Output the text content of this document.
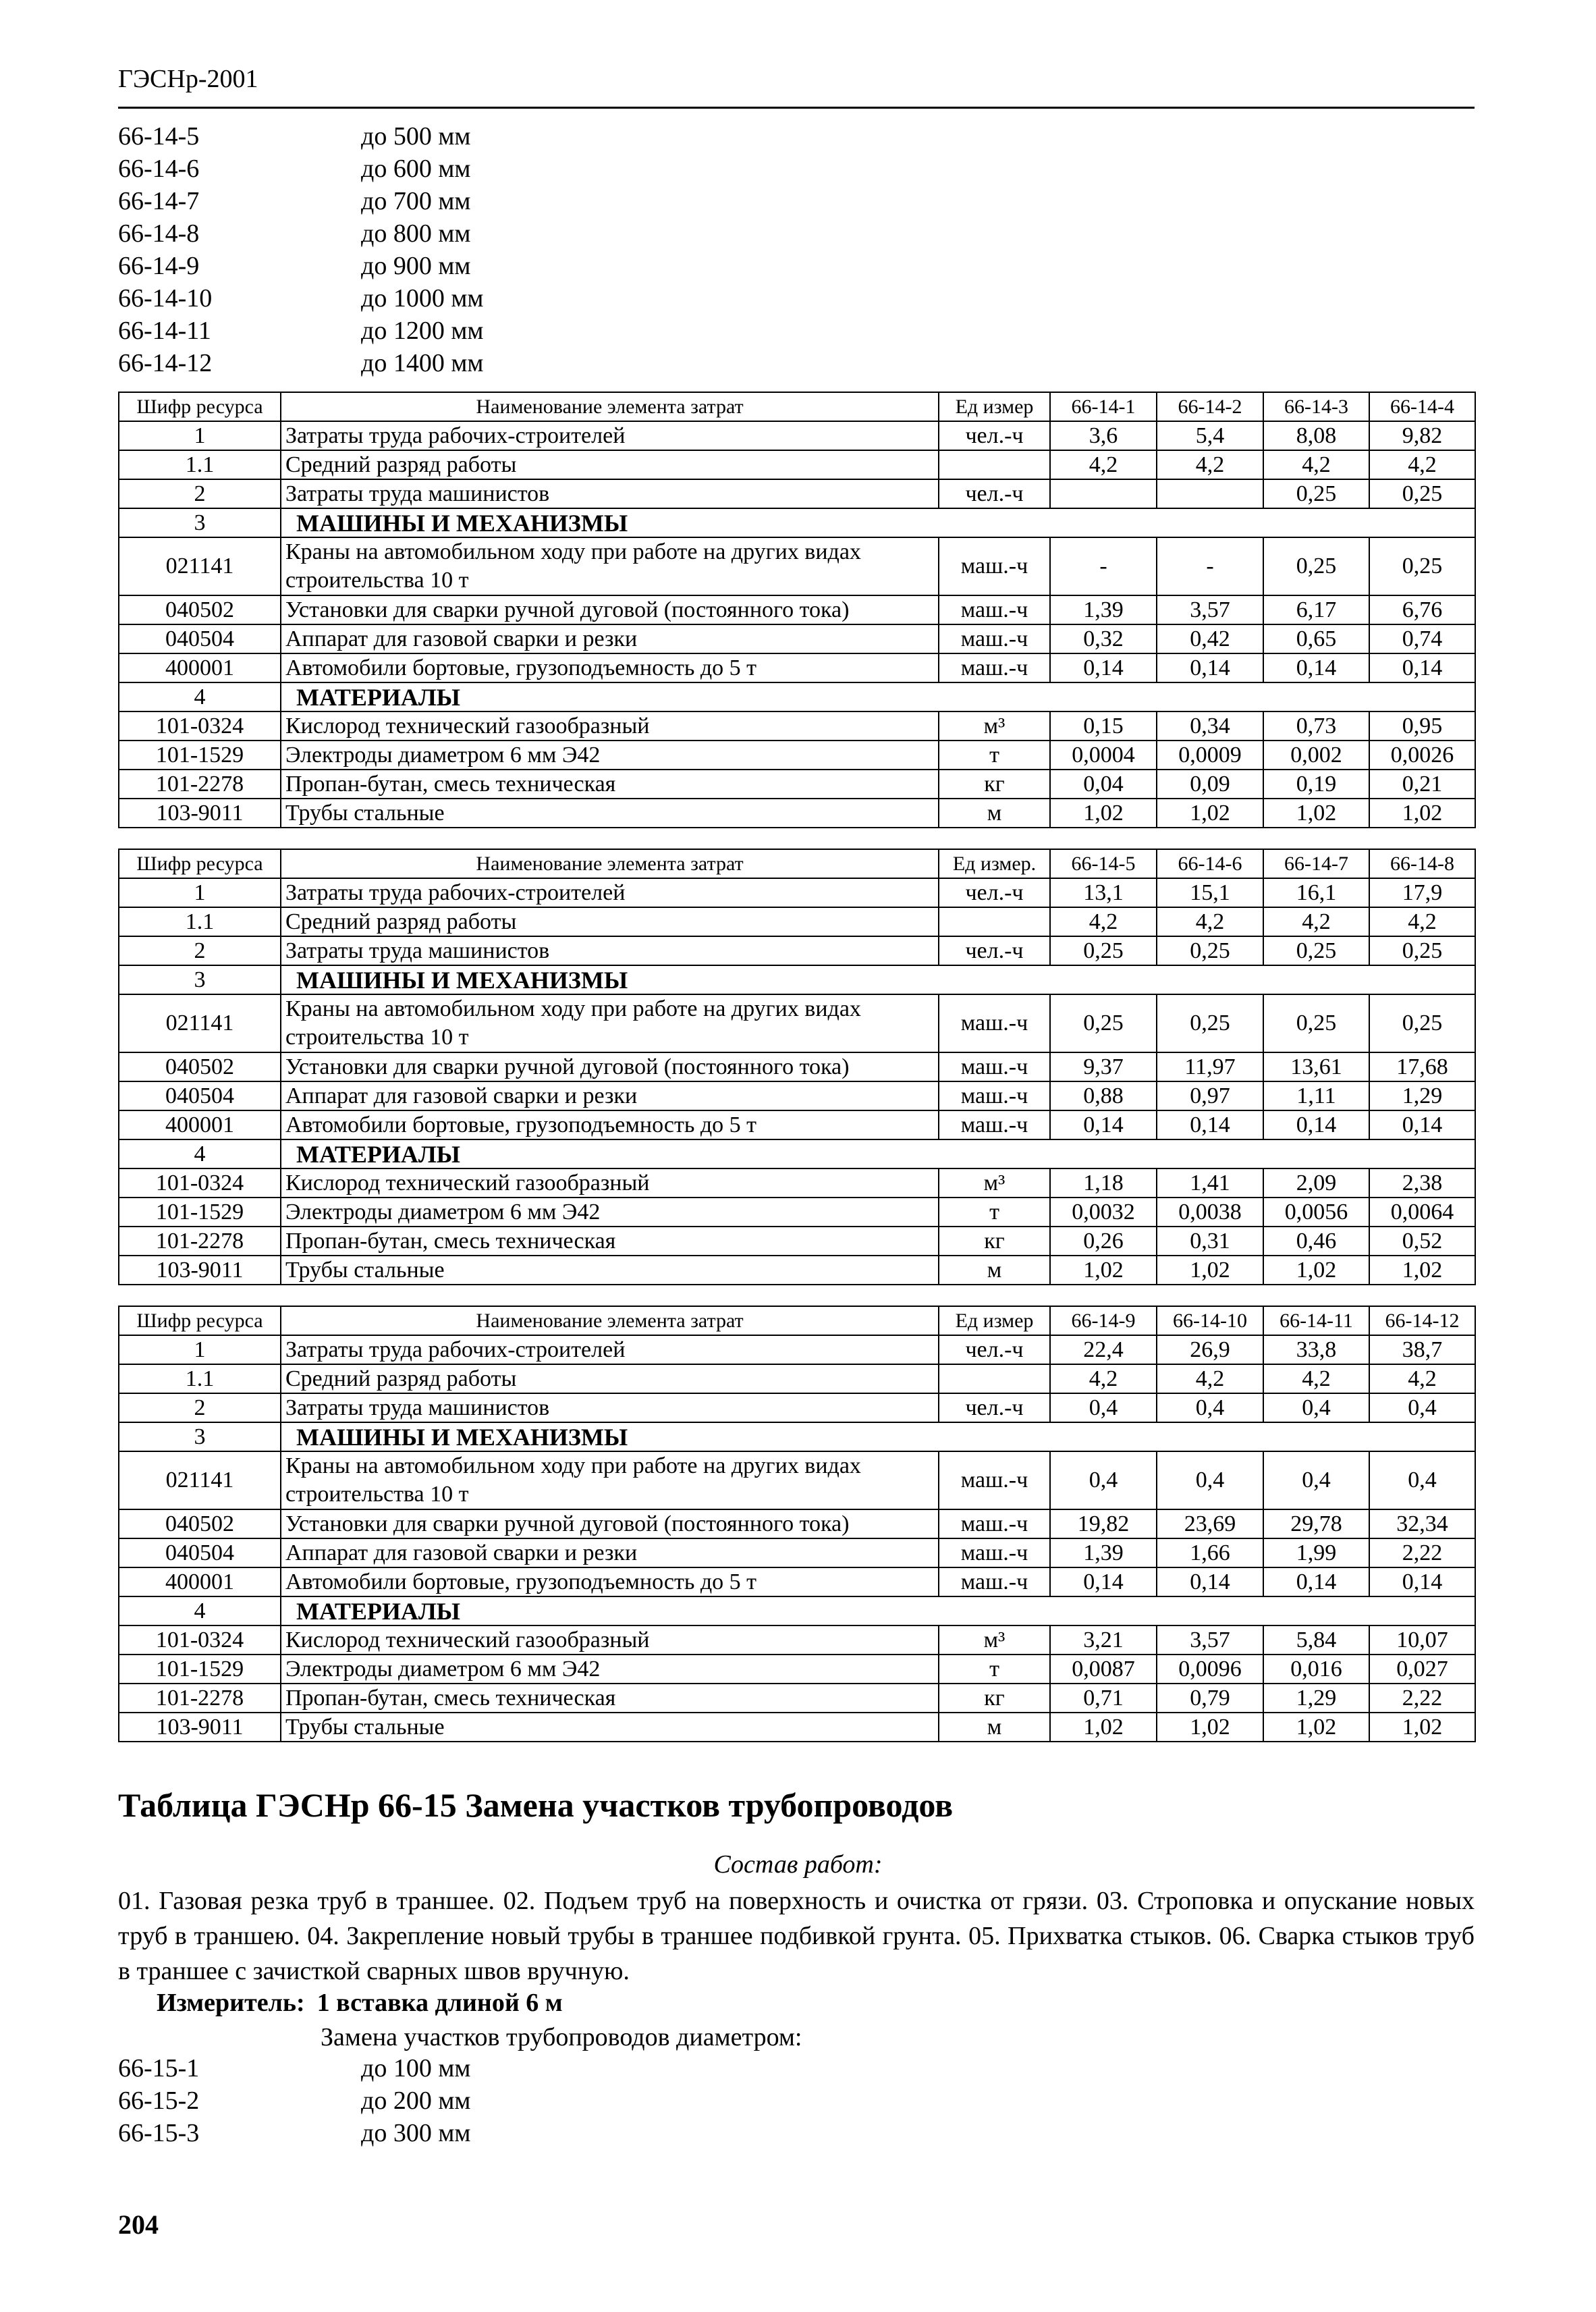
ГЭСНр-2001
66-14-5	до 500 мм
66-14-6	до 600 мм
66-14-7	до 700 мм
66-14-8	до 800 мм
66-14-9	до 900 мм
66-14-10	до 1000 мм
66-14-11	до 1200 мм
66-14-12	до 1400 мм
Шифр ресурса	Наименование элемента затрат	Ед измер	66-14-1	66-14-2	66-14-3	66-14-4
1	Затраты труда рабочих-строителей	чел.-ч	3,6	5,4	8,08	9,82
1.1	Средний разряд работы		4,2	4,2	4,2	4,2
2	Затраты труда машинистов	чел.-ч			0,25	0,25
3	МАШИНЫ И МЕХАНИЗМЫ					
021141	Краны на автомобильном ходу при работе на других видах строительства 10 т	маш.-ч	-	-	0,25	0,25
040502	Установки для сварки ручной дуговой (постоянного тока)	маш.-ч	1,39	3,57	6,17	6,76
040504	Аппарат для газовой сварки и резки	маш.-ч	0,32	0,42	0,65	0,74
400001	Автомобили бортовые, грузоподъемность до 5 т	маш.-ч	0,14	0,14	0,14	0,14
4	МАТЕРИАЛЫ					
101-0324	Кислород технический газообразный	м³	0,15	0,34	0,73	0,95
101-1529	Электроды диаметром 6 мм Э42	т	0,0004	0,0009	0,002	0,0026
101-2278	Пропан-бутан, смесь техническая	кг	0,04	0,09	0,19	0,21
103-9011	Трубы стальные	м	1,02	1,02	1,02	1,02
Шифр ресурса	Наименование элемента затрат	Ед измер.	66-14-5	66-14-6	66-14-7	66-14-8
1	Затраты труда рабочих-строителей	чел.-ч	13,1	15,1	16,1	17,9
1.1	Средний разряд работы		4,2	4,2	4,2	4,2
2	Затраты труда машинистов	чел.-ч	0,25	0,25	0,25	0,25
3	МАШИНЫ И МЕХАНИЗМЫ					
021141	Краны на автомобильном ходу при работе на других видах строительства 10 т	маш.-ч	0,25	0,25	0,25	0,25
040502	Установки для сварки ручной дуговой (постоянного тока)	маш.-ч	9,37	11,97	13,61	17,68
040504	Аппарат для газовой сварки и резки	маш.-ч	0,88	0,97	1,11	1,29
400001	Автомобили бортовые, грузоподъемность до 5 т	маш.-ч	0,14	0,14	0,14	0,14
4	МАТЕРИАЛЫ					
101-0324	Кислород технический газообразный	м³	1,18	1,41	2,09	2,38
101-1529	Электроды диаметром 6 мм Э42	т	0,0032	0,0038	0,0056	0,0064
101-2278	Пропан-бутан, смесь техническая	кг	0,26	0,31	0,46	0,52
103-9011	Трубы стальные	м	1,02	1,02	1,02	1,02
Шифр ресурса	Наименование элемента затрат	Ед измер	66-14-9	66-14-10	66-14-11	66-14-12
1	Затраты труда рабочих-строителей	чел.-ч	22,4	26,9	33,8	38,7
1.1	Средний разряд работы		4,2	4,2	4,2	4,2
2	Затраты труда машинистов	чел.-ч	0,4	0,4	0,4	0,4
3	МАШИНЫ И МЕХАНИЗМЫ					
021141	Краны на автомобильном ходу при работе на других видах строительства 10 т	маш.-ч	0,4	0,4	0,4	0,4
040502	Установки для сварки ручной дуговой (постоянного тока)	маш.-ч	19,82	23,69	29,78	32,34
040504	Аппарат для газовой сварки и резки	маш.-ч	1,39	1,66	1,99	2,22
400001	Автомобили бортовые, грузоподъемность до 5 т	маш.-ч	0,14	0,14	0,14	0,14
4	МАТЕРИАЛЫ					
101-0324	Кислород технический газообразный	м³	3,21	3,57	5,84	10,07
101-1529	Электроды диаметром 6 мм Э42	т	0,0087	0,0096	0,016	0,027
101-2278	Пропан-бутан, смесь техническая	кг	0,71	0,79	1,29	2,22
103-9011	Трубы стальные	м	1,02	1,02	1,02	1,02
Таблица ГЭСНр 66-15 Замена участков трубопроводов
Состав работ:
01. Газовая резка труб в траншее. 02. Подъем труб на поверхность и очистка от грязи. 03. Строповка и опускание новых труб в траншею. 04. Закрепление новый трубы в траншее подбивкой грунта. 05. Прихватка стыков. 06. Сварка стыков труб в траншее с зачисткой сварных швов вручную.
Измеритель: 1 вставка длиной 6 м
Замена участков трубопроводов диаметром:
66-15-1	до 100 мм
66-15-2	до 200 мм
66-15-3	до 300 мм
204
